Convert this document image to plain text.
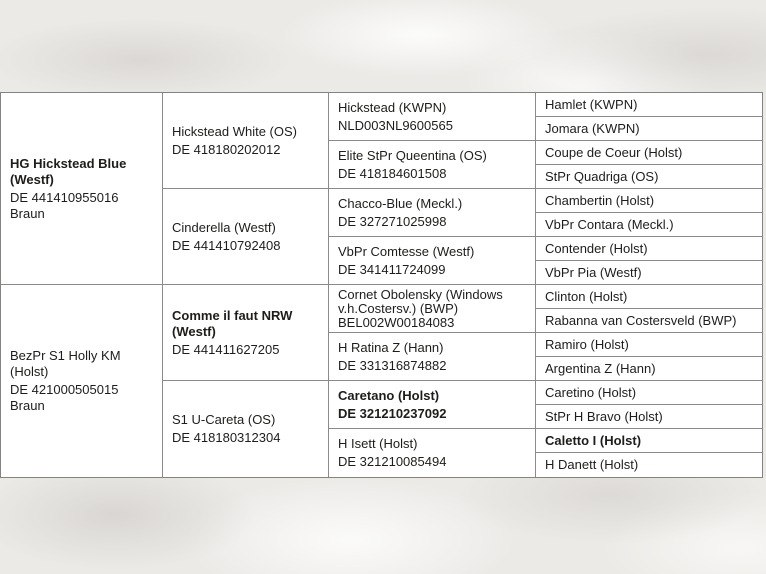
HG Hickstead Blue (Westf)
DE 441410955016
Braun
BezPr S1 Holly KM (Holst)
DE 421000505015
Braun
Hickstead White (OS)
DE 418180202012
Cinderella (Westf)
DE 441410792408
Comme il faut NRW (Westf)
DE 441411627205
S1 U-Careta (OS)
DE 418180312304
Hickstead (KWPN)
NLD003NL9600565
Elite StPr Queentina (OS)
DE 418184601508
Chacco-Blue (Meckl.)
DE 327271025998
VbPr Comtesse (Westf)
DE 341411724099
Cornet Obolensky (Windows v.h.Costersv.) (BWP)
BEL002W00184083
H Ratina Z (Hann)
DE 331316874882
Caretano (Holst)
DE 321210237092
H Isett (Holst)
DE 321210085494
Hamlet (KWPN)
Jomara (KWPN)
Coupe de Coeur (Holst)
StPr Quadriga (OS)
Chambertin (Holst)
VbPr Contara (Meckl.)
Contender (Holst)
VbPr Pia (Westf)
Clinton (Holst)
Rabanna van Costersveld (BWP)
Ramiro (Holst)
Argentina Z (Hann)
Caretino (Holst)
StPr H Bravo (Holst)
Caletto I (Holst)
H Danett (Holst)
